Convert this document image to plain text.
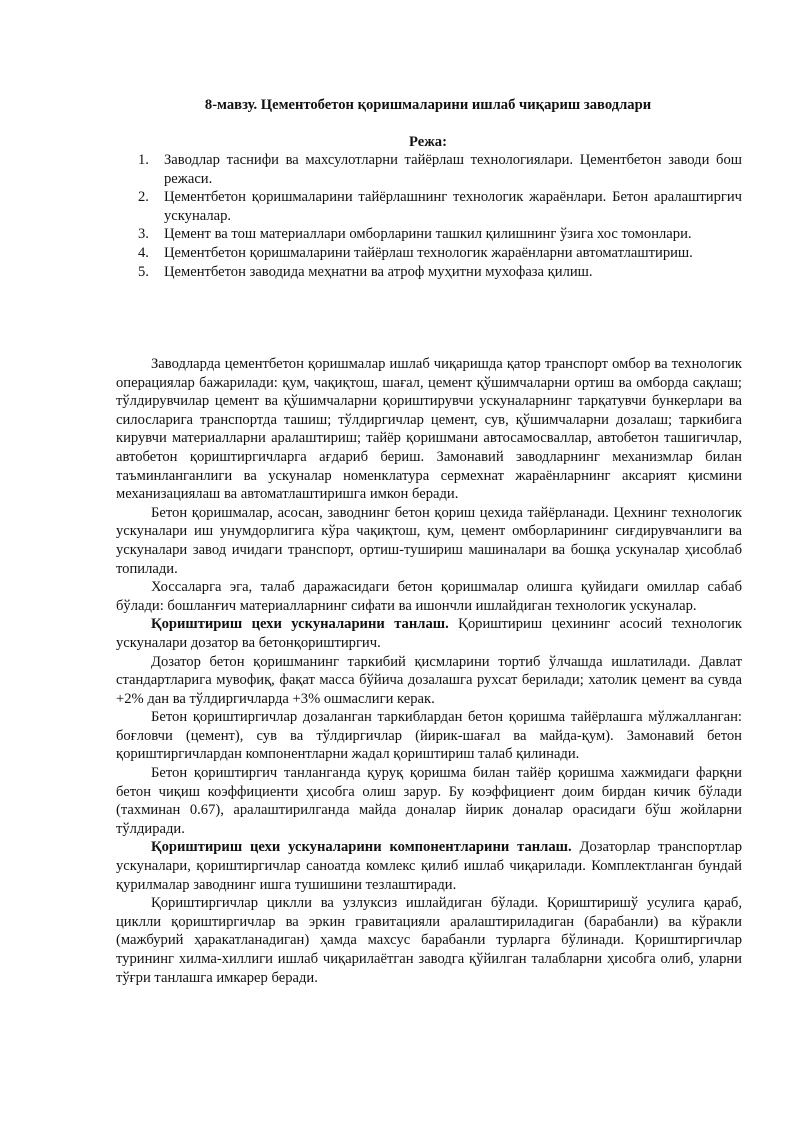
8-мавзу. Цементобетон қоришмаларини ишлаб чиқариш заводлари
Режа:
1. Заводлар таснифи ва махсулотларни тайёрлаш технологиялари. Цементбетон заводи бош режаси.
2. Цементбетон қоришмаларини тайёрлашнинг технологик жараёнлари. Бетон аралаштиргич ускуналар.
3. Цемент ва тош материаллари омборларини ташкил қилишнинг ўзига хос томонлари.
4. Цементбетон қоришмаларини тайёрлаш технологик жараёнларни автоматлаштириш.
5. Цементбетон заводида меҳнатни ва атроф муҳитни мухофаза қилиш.

Заводларда цементбетон қоришмалар ишлаб чиқаришда қатор транспорт омбор ва технологик операциялар бажарилади: қум, чақиқтош, шағал, цемент қўшимчаларни ортиш ва омборда сақлаш; тўлдирувчилар цемент ва қўшимчаларни қориштирувчи ускуналарнинг тарқатувчи бункерлари ва силосларига транспортда ташиш; тўлдиргичлар цемент, сув, қўшимчаларни дозалаш; таркибига кирувчи материалларни аралаштириш; тайёр қоришмани автосамосваллар, автобетон ташигичлар, автобетон қориштиргичларга ағдариб бериш. Замонавий заводларнинг механизмлар билан таъминланганлиги ва ускуналар номенклатура сермехнат жараёнларнинг аксарият қисмини механизациялаш ва автоматлаштиришга имкон беради.

Бетон қоришмалар, асосан, заводнинг бетон қориш цехида тайёрланади. Цехнинг технологик ускуналари иш унумдорлигига кўра чақиқтош, қум, цемент омборларининг сиғдирувчанлиги ва ускуналари завод ичидаги транспорт, ортиш-тушириш машиналари ва бошқа ускуналар ҳисоблаб топилади.

Хоссаларга эга, талаб даражасидаги бетон қоришмалар олишга қуйидаги омиллар сабаб бўлади: бошланғич материалларнинг сифати ва ишончли ишлайдиган технологик ускуналар.

Қориштириш цехи ускуналарини танлаш. Қориштириш цехининг асосий технологик ускуналари дозатор ва бетонқориштиргич.

Дозатор бетон қоришманинг таркибий қисмларини тортиб ўлчашда ишлатилади. Давлат стандартларига мувофиқ, фақат масса бўйича дозалашга рухсат берилади; хатолик цемент ва сувда +2% дан ва тўлдиргичларда +3% ошмаслиги керак.

Бетон қориштиргичлар дозаланган таркиблардан бетон қоришма тайёрлашга мўлжалланган: боғловчи (цемент), сув ва тўлдиргичлар (йирик-шағал ва майда-қум). Замонавий бетон қориштиргичлардан компонентларни жадал қориштириш талаб қилинади.

Бетон қориштиргич танланганда қуруқ қоришма билан тайёр қоришма хажмидаги фарқни бетон чиқиш коэффициенти ҳисобга олиш зарур. Бу коэффициент доим бирдан кичик бўлади (тахминан 0.67), аралаштирилганда майда доналар йирик доналар орасидаги бўш жойларни тўлдиради.

Қориштириш цехи ускуналарини компонентларини танлаш. Дозаторлар транспортлар ускуналари, қориштиргичлар саноатда комлекс қилиб ишлаб чиқарилади. Комплектланган бундай қурилмалар заводнинг ишга тушишини тезлаштиради.

Қориштиргичлар циклли ва узлуксиз ишлайдиган бўлади. Қориштиришў усулига қараб, циклли қориштиргичлар ва эркин гравитацияли аралаштириладиган (барабанли) ва кўракли (мажбурий ҳаракатланадиган) ҳамда махсус барабанли турларга бўлинади. Қориштиргичлар турининг хилма-хиллиги ишлаб чиқарилаётган заводга қўйилган талабларни ҳисобга олиб, уларни тўғри танлашга имкарер беради.
